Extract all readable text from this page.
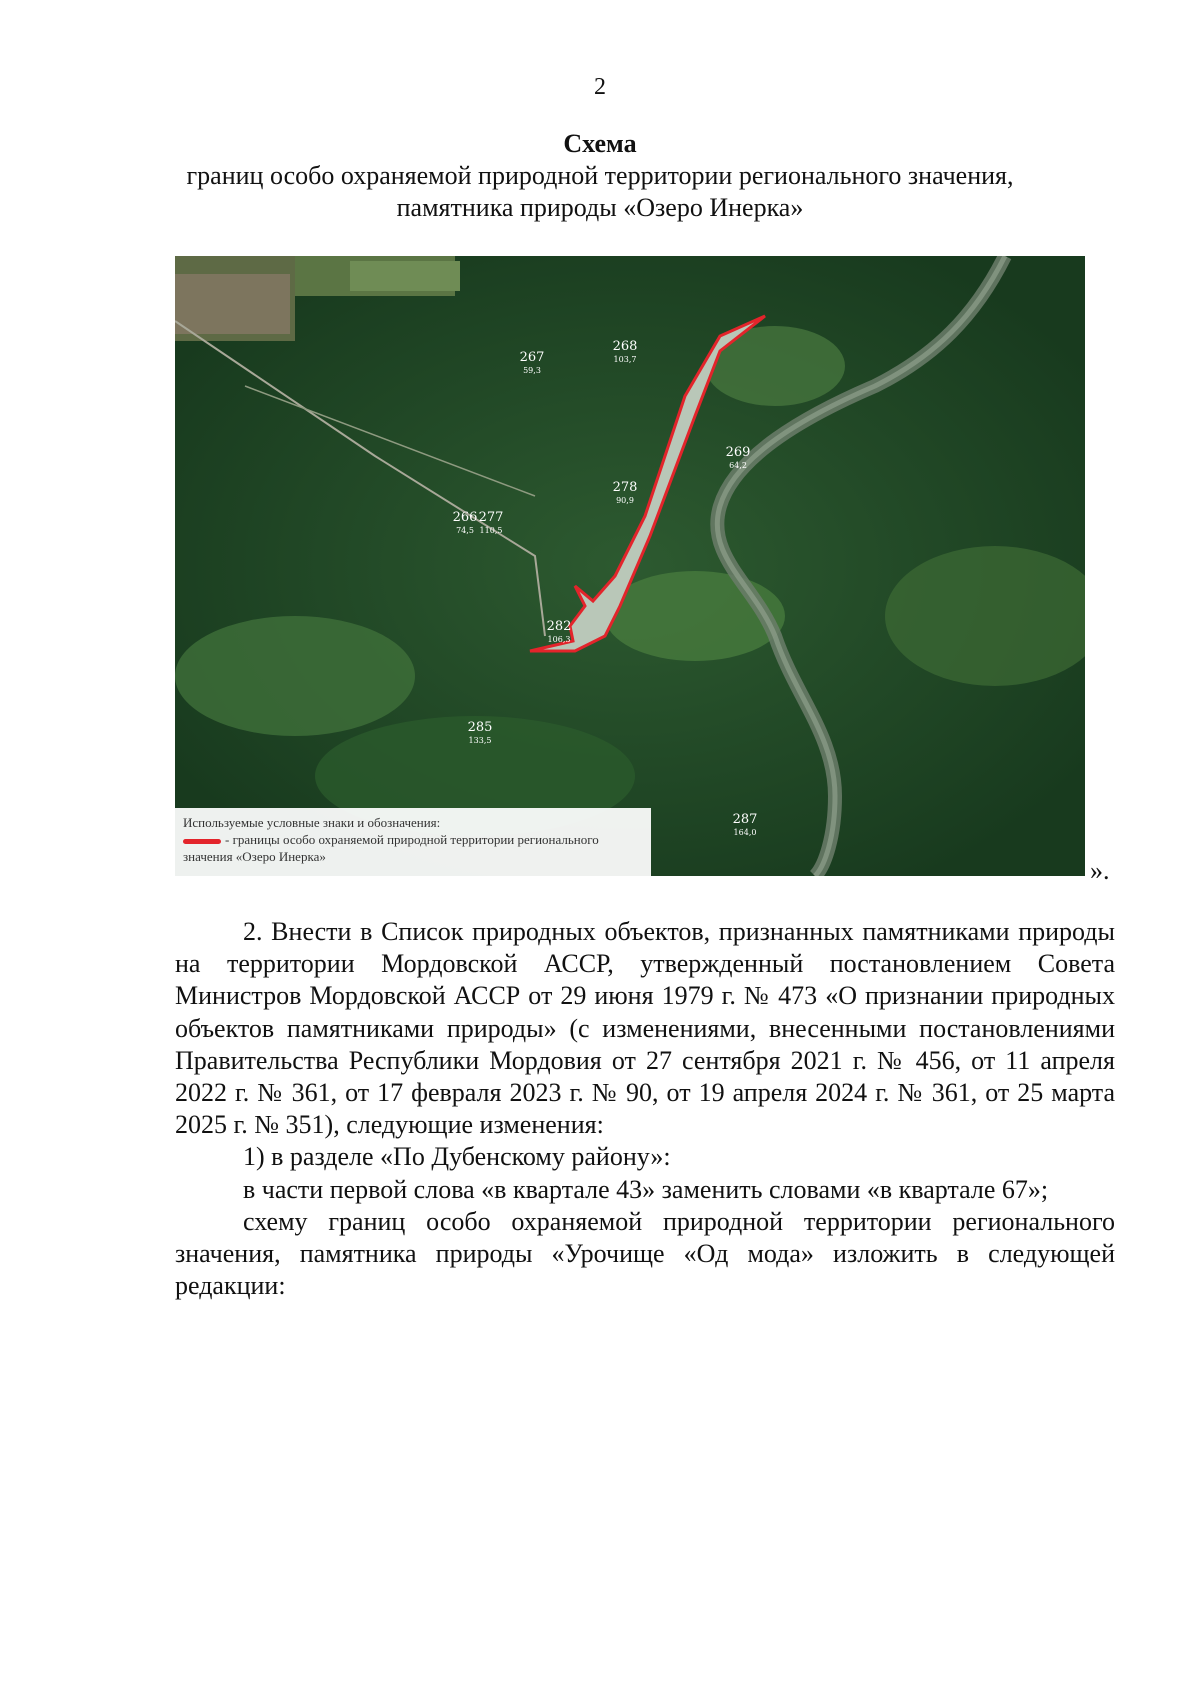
2
Схема
границ особо охраняемой природной территории регионального значения,
памятника природы «Озеро Инерка»
267
59,3
268
103,7
269
64,2
278
90,9
266
74,5
277
110,5
282
106,3
285
133,5
287
164,0
Используемые условные знаки и обозначения:
- границы особо охраняемой природной территории регионального
значения «Озеро Инерка»	».

2. Внести в Список природных объектов, признанных памятниками природы на территории Мордовской АССР, утвержденный постановлением Совета Министров Мордовской АССР от 29 июня 1979 г. № 473 «О признании природных объектов памятниками природы» (с изменениями, внесенными постановлениями Правительства Республики Мордовия от 27 сентября 2021 г. № 456, от 11 апреля 2022 г. № 361, от 17 февраля 2023 г. № 90, от 19 апреля 2024 г. № 361, от 25 марта 2025 г. № 351), следующие изменения:

1) в разделе «По Дубенскому району»:

в части первой слова «в квартале 43» заменить словами «в квартале 67»;

схему границ особо охраняемой природной территории регионального значения, памятника природы «Урочище «Од мода» изложить в следующей редакции:
